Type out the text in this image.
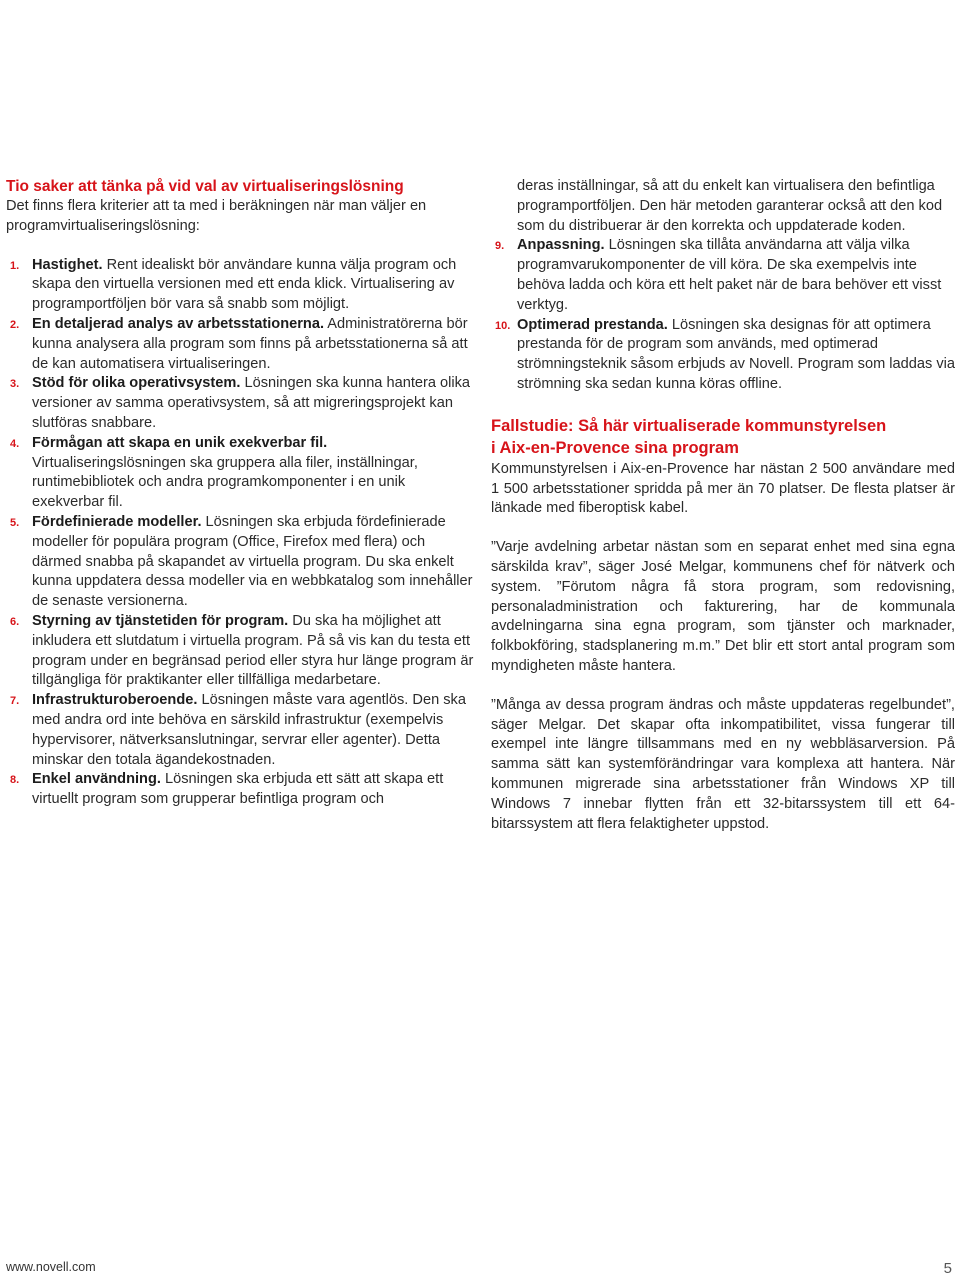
Tio saker att tänka på vid val av virtualiseringslösning
Det finns flera kriterier att ta med i beräkningen när man väljer en programvirtualiseringslösning:
1. Hastighet. Rent idealiskt bör användare kunna välja program och skapa den virtuella versionen med ett enda klick. Virtualisering av programportföljen bör vara så snabb som möjligt.
2. En detaljerad analys av arbetsstationerna. Administratörerna bör kunna analysera alla program som finns på arbetsstationerna så att de kan automatisera virtualiseringen.
3. Stöd för olika operativsystem. Lösningen ska kunna hantera olika versioner av samma operativsystem, så att migreringsprojekt kan slutföras snabbare.
4. Förmågan att skapa en unik exekverbar fil. Virtualiseringslösningen ska gruppera alla filer, inställningar, runtimebibliotek och andra programkomponenter i en unik exekverbar fil.
5. Fördefinierade modeller. Lösningen ska erbjuda fördefinierade modeller för populära program (Office, Firefox med flera) och därmed snabba på skapandet av virtuella program. Du ska enkelt kunna uppdatera dessa modeller via en webbkatalog som innehåller de senaste versionerna.
6. Styrning av tjänstetiden för program. Du ska ha möjlighet att inkludera ett slutdatum i virtuella program. På så vis kan du testa ett program under en begränsad period eller styra hur länge program är tillgängliga för praktikanter eller tillfälliga medarbetare.
7. Infrastrukturoberoende. Lösningen måste vara agentlös. Den ska med andra ord inte behöva en särskild infrastruktur (exempelvis hypervisorer, nätverksanslutningar, servrar eller agenter). Detta minskar den totala ägandekostnaden.
8. Enkel användning. Lösningen ska erbjuda ett sätt att skapa ett virtuellt program som grupperar befintliga program och
deras inställningar, så att du enkelt kan virtualisera den befintliga programportföljen. Den här metoden garanterar också att den kod som du distribuerar är den korrekta och uppdaterade koden.
9. Anpassning. Lösningen ska tillåta användarna att välja vilka programvarukomponenter de vill köra. De ska exempelvis inte behöva ladda och köra ett helt paket när de bara behöver ett visst verktyg.
10. Optimerad prestanda. Lösningen ska designas för att optimera prestanda för de program som används, med optimerad strömningsteknik såsom erbjuds av Novell. Program som laddas via strömning ska sedan kunna köras offline.
Fallstudie: Så här virtualiserade kommunstyrelsen
i Aix-en-Provence sina program
Kommunstyrelsen i Aix-en-Provence har nästan 2 500 användare med 1 500 arbetsstationer spridda på mer än 70 platser. De flesta platser är länkade med fiberoptisk kabel.
”Varje avdelning arbetar nästan som en separat enhet med sina egna särskilda krav”, säger José Melgar, kommunens chef för nätverk och system. ”Förutom några få stora program, som redovisning, personaladministration och fakturering, har de kommunala avdelningarna sina egna program, som tjänster och marknader, folkbokföring, stadsplanering m.m.” Det blir ett stort antal program som myndigheten måste hantera.
”Många av dessa program ändras och måste uppdateras regelbundet”, säger Melgar. Det skapar ofta inkompatibilitet, vissa fungerar till exempel inte längre tillsammans med en ny webbläsarversion. På samma sätt kan systemförändringar vara komplexa att hantera. När kommunen migrerade sina arbetsstationer från Windows XP till Windows 7 innebar flytten från ett 32-bitarssystem till ett 64-bitarssystem att flera felaktigheter uppstod.
www.novell.com	5
